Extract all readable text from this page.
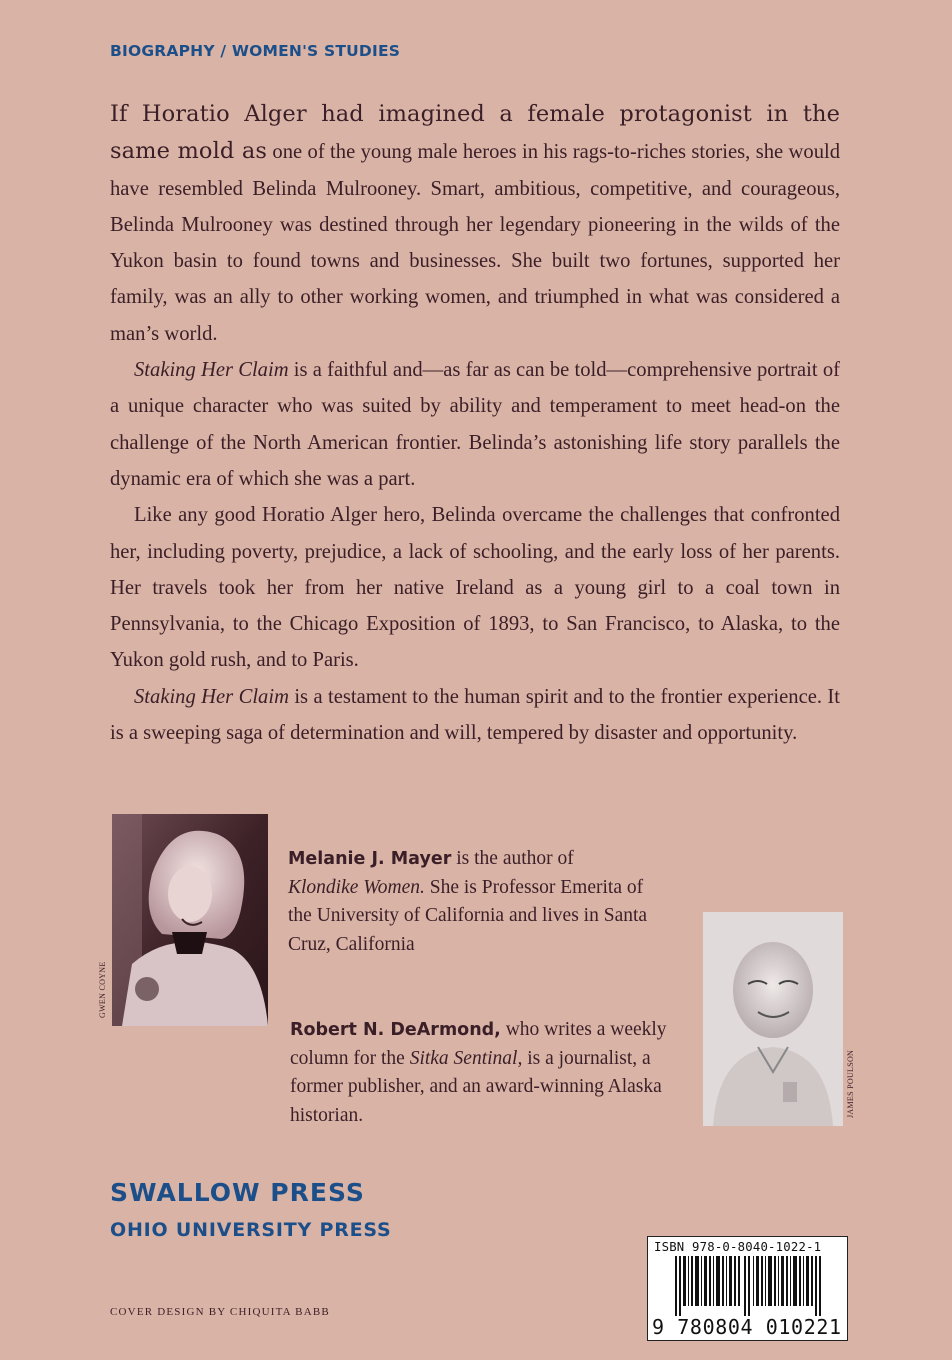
BIOGRAPHY / WOMEN'S STUDIES

If Horatio Alger had imagined a female protagonist in the same mold as one of the young male heroes in his rags-to-riches stories, she would have resembled Belinda Mulrooney. Smart, ambitious, competitive, and courageous, Belinda Mulrooney was destined through her legendary pioneering in the wilds of the Yukon basin to found towns and businesses. She built two fortunes, supported her family, was an ally to other working women, and triumphed in what was considered a man’s world.

Staking Her Claim is a faithful and—as far as can be told—comprehensive portrait of a unique character who was suited by ability and temperament to meet head-on the challenge of the North American frontier. Belinda’s astonishing life story parallels the dynamic era of which she was a part.

Like any good Horatio Alger hero, Belinda overcame the challenges that confronted her, including poverty, prejudice, a lack of schooling, and the early loss of her parents. Her travels took her from her native Ireland as a young girl to a coal town in Pennsylvania, to the Chicago Exposition of 1893, to San Francisco, to Alaska, to the Yukon gold rush, and to Paris.

Staking Her Claim is a testament to the human spirit and to the frontier experience. It is a sweeping saga of determination and will, tempered by disaster and opportunity.

GWEN COYNE
Melanie J. Mayer is the author of
Klondike Women. She is Professor Emerita of the University of California and lives in Santa Cruz, California
JAMES POULSON
Robert N. DeArmond, who writes a weekly column for the Sitka Sentinal, is a journalist, a former publisher, and an award-winning Alaska historian.
SWALLOW PRESS
OHIO UNIVERSITY PRESS
COVER DESIGN BY CHIQUITA BABB
ISBN 978-0-8040-1022-1
9 780804 010221
